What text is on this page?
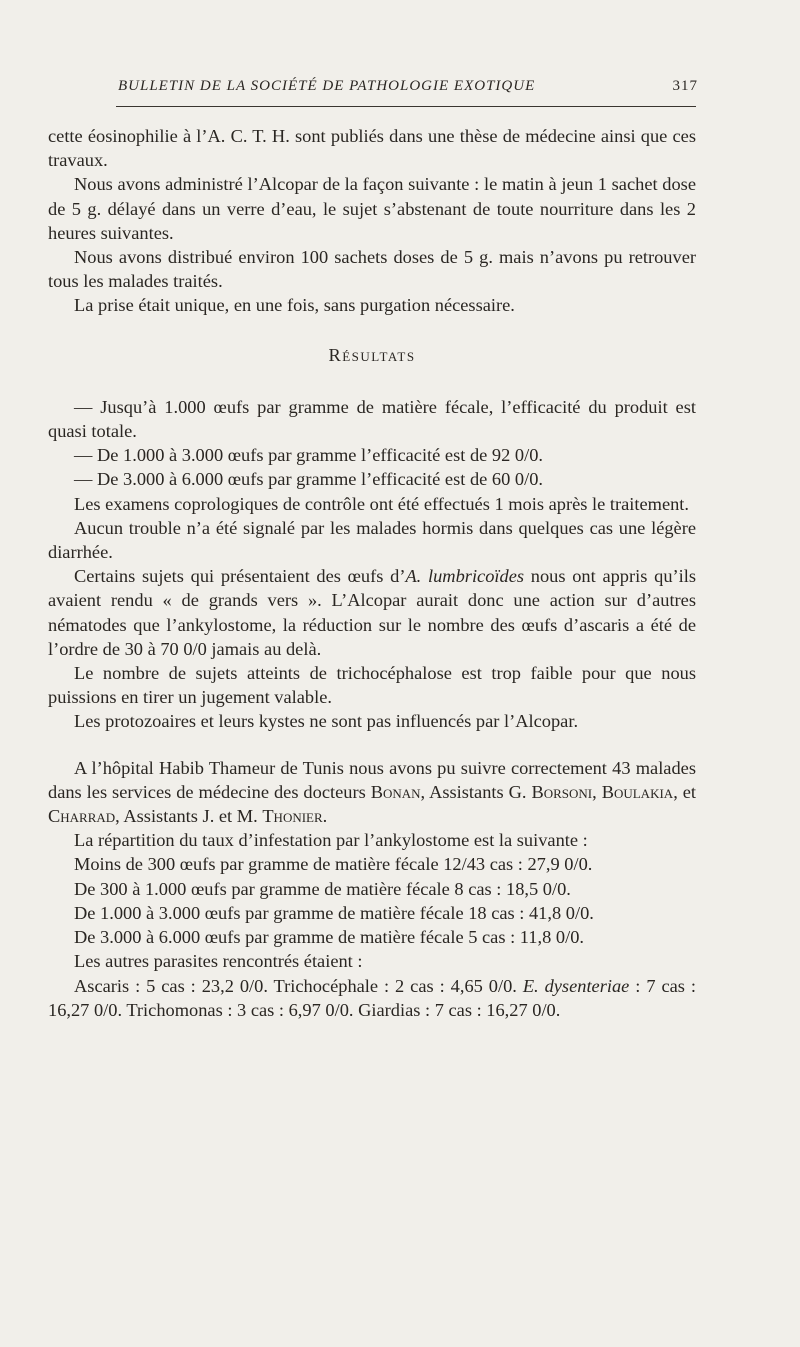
BULLETIN DE LA SOCIÉTÉ DE PATHOLOGIE EXOTIQUE	317

cette éosinophilie à l’A. C. T. H. sont publiés dans une thèse de médecine ainsi que ces travaux.

Nous avons administré l’Alcopar de la façon suivante : le matin à jeun 1 sachet dose de 5 g. délayé dans un verre d’eau, le sujet s’abstenant de toute nourriture dans les 2 heures suivantes.

Nous avons distribué environ 100 sachets doses de 5 g. mais n’avons pu retrouver tous les malades traités.

La prise était unique, en une fois, sans purgation nécessaire.

Résultats

— Jusqu’à 1.000 œufs par gramme de matière fécale, l’efficacité du produit est quasi totale.

— De 1.000 à 3.000 œufs par gramme l’efficacité est de 92 0/0.

— De 3.000 à 6.000 œufs par gramme l’efficacité est de 60 0/0.

Les examens coprologiques de contrôle ont été effectués 1 mois après le traitement.

Aucun trouble n’a été signalé par les malades hormis dans quelques cas une légère diarrhée.

Certains sujets qui présentaient des œufs d’A. lumbricoïdes nous ont appris qu’ils avaient rendu « de grands vers ». L’Alcopar aurait donc une action sur d’autres nématodes que l’ankylostome, la réduction sur le nombre des œufs d’ascaris a été de l’ordre de 30 à 70 0/0 jamais au delà.

Le nombre de sujets atteints de trichocéphalose est trop faible pour que nous puissions en tirer un jugement valable.

Les protozoaires et leurs kystes ne sont pas influencés par l’Alcopar.

A l’hôpital Habib Thameur de Tunis nous avons pu suivre correctement 43 malades dans les services de médecine des docteurs Bonan, Assistants G. Borsoni, Boulakia, et Charrad, Assistants J. et M. Thonier.

La répartition du taux d’infestation par l’ankylostome est la suivante :

Moins de 300 œufs par gramme de matière fécale 12/43 cas : 27,9 0/0.

De 300 à 1.000 œufs par gramme de matière fécale 8 cas : 18,5 0/0.

De 1.000 à 3.000 œufs par gramme de matière fécale 18 cas : 41,8 0/0.

De 3.000 à 6.000 œufs par gramme de matière fécale 5 cas : 11,8 0/0.

Les autres parasites rencontrés étaient :

Ascaris : 5 cas : 23,2 0/0. Trichocéphale : 2 cas : 4,65 0/0. E. dysenteriae : 7 cas : 16,27 0/0. Trichomonas : 3 cas : 6,97 0/0. Giardias : 7 cas : 16,27 0/0.
